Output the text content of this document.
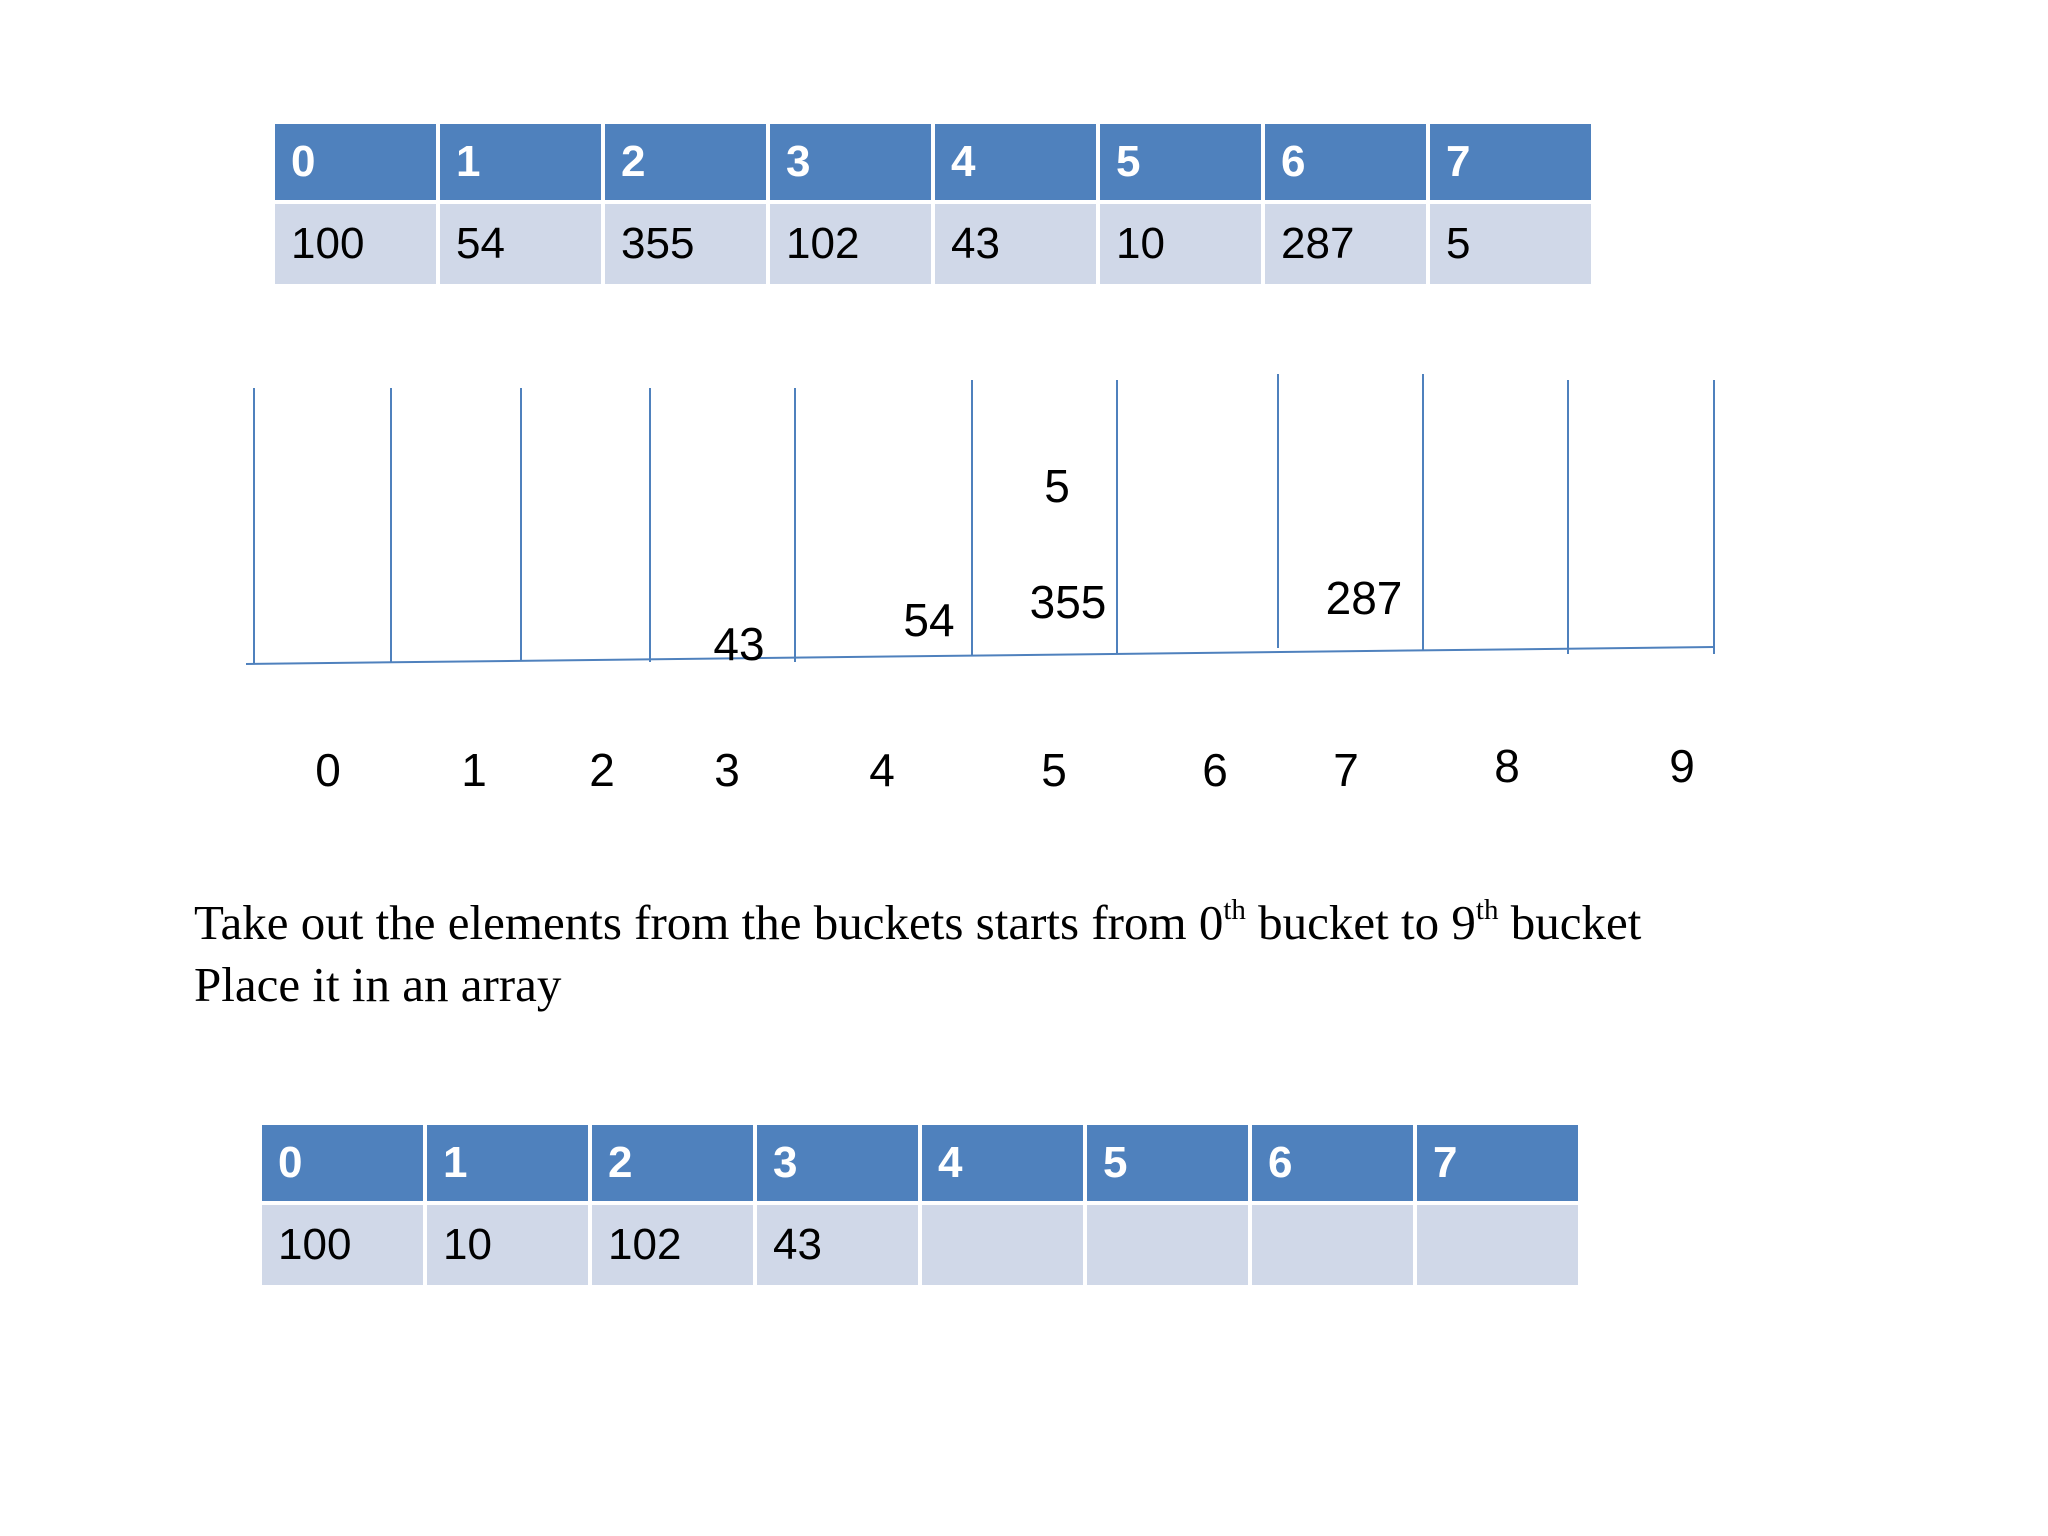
0	1	2	3	4	5	6	7
100	54	355	102	43	10	287	5
0	1 2 3	4	5	6 7	8	9
43	54 355
5
287
Take out the elements from the buckets starts from 0th bucket to 9th bucket
Place it in an array
0	1	2	3	4	5	6	7
100	10	102	43				
